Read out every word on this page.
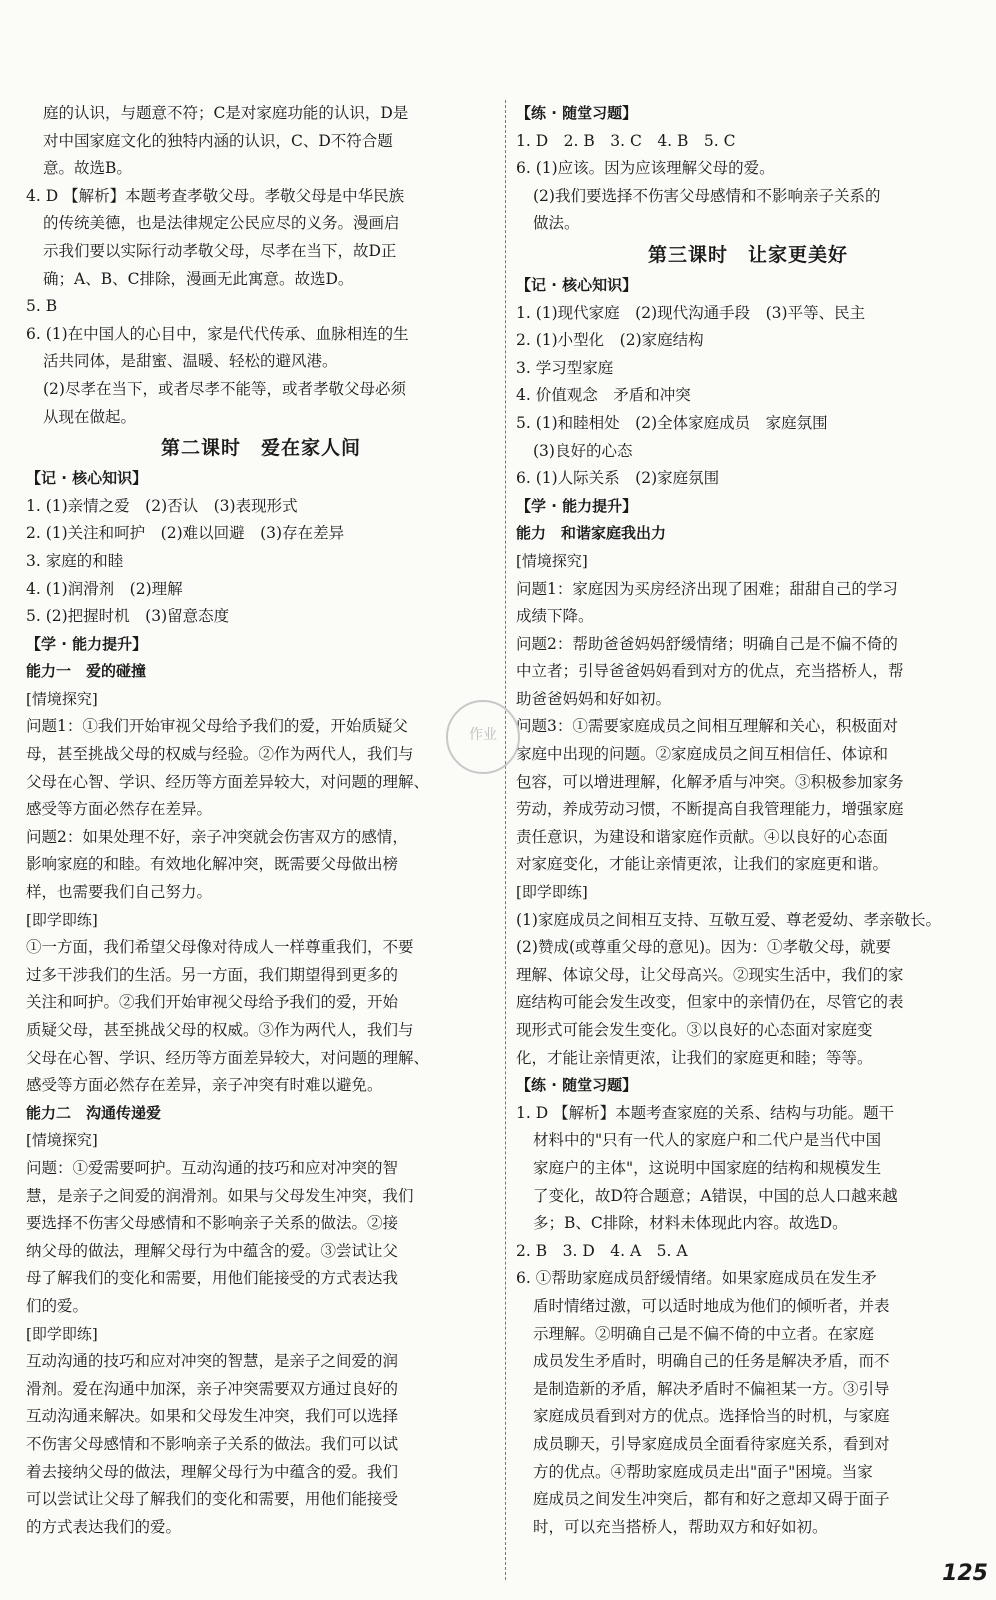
庭的认识，与题意不符；C是对家庭功能的认识，D是
对中国家庭文化的独特内涵的认识，C、D不符合题
意。故选B。
4. D 【解析】本题考查孝敬父母。孝敬父母是中华民族
的传统美德，也是法律规定公民应尽的义务。漫画启
示我们要以实际行动孝敬父母，尽孝在当下，故D正
确；A、B、C排除，漫画无此寓意。故选D。
5. B
6. (1)在中国人的心目中，家是代代传承、血脉相连的生
活共同体，是甜蜜、温暖、轻松的避风港。
(2)尽孝在当下，或者尽孝不能等，或者孝敬父母必须
从现在做起。
第二课时　爱在家人间
【记 · 核心知识】
1. (1)亲情之爱　(2)否认　(3)表现形式
2. (1)关注和呵护　(2)难以回避　(3)存在差异
3. 家庭的和睦
4. (1)润滑剂　(2)理解
5. (2)把握时机　(3)留意态度
【学 · 能力提升】
能力一　爱的碰撞
[情境探究]
问题1：①我们开始审视父母给予我们的爱，开始质疑父
母，甚至挑战父母的权威与经验。②作为两代人，我们与
父母在心智、学识、经历等方面差异较大，对问题的理解、
感受等方面必然存在差异。
问题2：如果处理不好，亲子冲突就会伤害双方的感情，
影响家庭的和睦。有效地化解冲突，既需要父母做出榜
样，也需要我们自己努力。
[即学即练]
①一方面，我们希望父母像对待成人一样尊重我们，不要
过多干涉我们的生活。另一方面，我们期望得到更多的
关注和呵护。②我们开始审视父母给予我们的爱，开始
质疑父母，甚至挑战父母的权威。③作为两代人，我们与
父母在心智、学识、经历等方面差异较大，对问题的理解、
感受等方面必然存在差异，亲子冲突有时难以避免。
能力二　沟通传递爱
[情境探究]
问题：①爱需要呵护。互动沟通的技巧和应对冲突的智
慧，是亲子之间爱的润滑剂。如果与父母发生冲突，我们
要选择不伤害父母感情和不影响亲子关系的做法。②接
纳父母的做法，理解父母行为中蕴含的爱。③尝试让父
母了解我们的变化和需要，用他们能接受的方式表达我
们的爱。
[即学即练]
互动沟通的技巧和应对冲突的智慧，是亲子之间爱的润
滑剂。爱在沟通中加深，亲子冲突需要双方通过良好的
互动沟通来解决。如果和父母发生冲突，我们可以选择
不伤害父母感情和不影响亲子关系的做法。我们可以试
着去接纳父母的做法，理解父母行为中蕴含的爱。我们
可以尝试让父母了解我们的变化和需要，用他们能接受
的方式表达我们的爱。
【练 · 随堂习题】
1. D　2. B　3. C　4. B　5. C
6. (1)应该。因为应该理解父母的爱。
(2)我们要选择不伤害父母感情和不影响亲子关系的
做法。
第三课时　让家更美好
【记 · 核心知识】
1. (1)现代家庭　(2)现代沟通手段　(3)平等、民主
2. (1)小型化　(2)家庭结构
3. 学习型家庭
4. 价值观念　矛盾和冲突
5. (1)和睦相处　(2)全体家庭成员　家庭氛围
(3)良好的心态
6. (1)人际关系　(2)家庭氛围
【学 · 能力提升】
能力　和谐家庭我出力
[情境探究]
问题1：家庭因为买房经济出现了困难；甜甜自己的学习
成绩下降。
问题2：帮助爸爸妈妈舒缓情绪；明确自己是不偏不倚的
中立者；引导爸爸妈妈看到对方的优点，充当搭桥人，帮
助爸爸妈妈和好如初。
问题3：①需要家庭成员之间相互理解和关心，积极面对
家庭中出现的问题。②家庭成员之间互相信任、体谅和
包容，可以增进理解，化解矛盾与冲突。③积极参加家务
劳动，养成劳动习惯，不断提高自我管理能力，增强家庭
责任意识，为建设和谐家庭作贡献。④以良好的心态面
对家庭变化，才能让亲情更浓，让我们的家庭更和谐。
[即学即练]
(1)家庭成员之间相互支持、互敬互爱、尊老爱幼、孝亲敬长。
(2)赞成(或尊重父母的意见)。因为：①孝敬父母，就要
理解、体谅父母，让父母高兴。②现实生活中，我们的家
庭结构可能会发生改变，但家中的亲情仍在，尽管它的表
现形式可能会发生变化。③以良好的心态面对家庭变
化，才能让亲情更浓，让我们的家庭更和睦；等等。
【练 · 随堂习题】
1. D 【解析】本题考查家庭的关系、结构与功能。题干
材料中的"只有一代人的家庭户和二代户是当代中国
家庭户的主体"，这说明中国家庭的结构和规模发生
了变化，故D符合题意；A错误，中国的总人口越来越
多；B、C排除，材料未体现此内容。故选D。
2. B　3. D　4. A　5. A
6. ①帮助家庭成员舒缓情绪。如果家庭成员在发生矛
盾时情绪过激，可以适时地成为他们的倾听者，并表
示理解。②明确自己是不偏不倚的中立者。在家庭
成员发生矛盾时，明确自己的任务是解决矛盾，而不
是制造新的矛盾，解决矛盾时不偏袒某一方。③引导
家庭成员看到对方的优点。选择恰当的时机，与家庭
成员聊天，引导家庭成员全面看待家庭关系，看到对
方的优点。④帮助家庭成员走出"面子"困境。当家
庭成员之间发生冲突后，都有和好之意却又碍于面子
时，可以充当搭桥人，帮助双方和好如初。
作业
125
